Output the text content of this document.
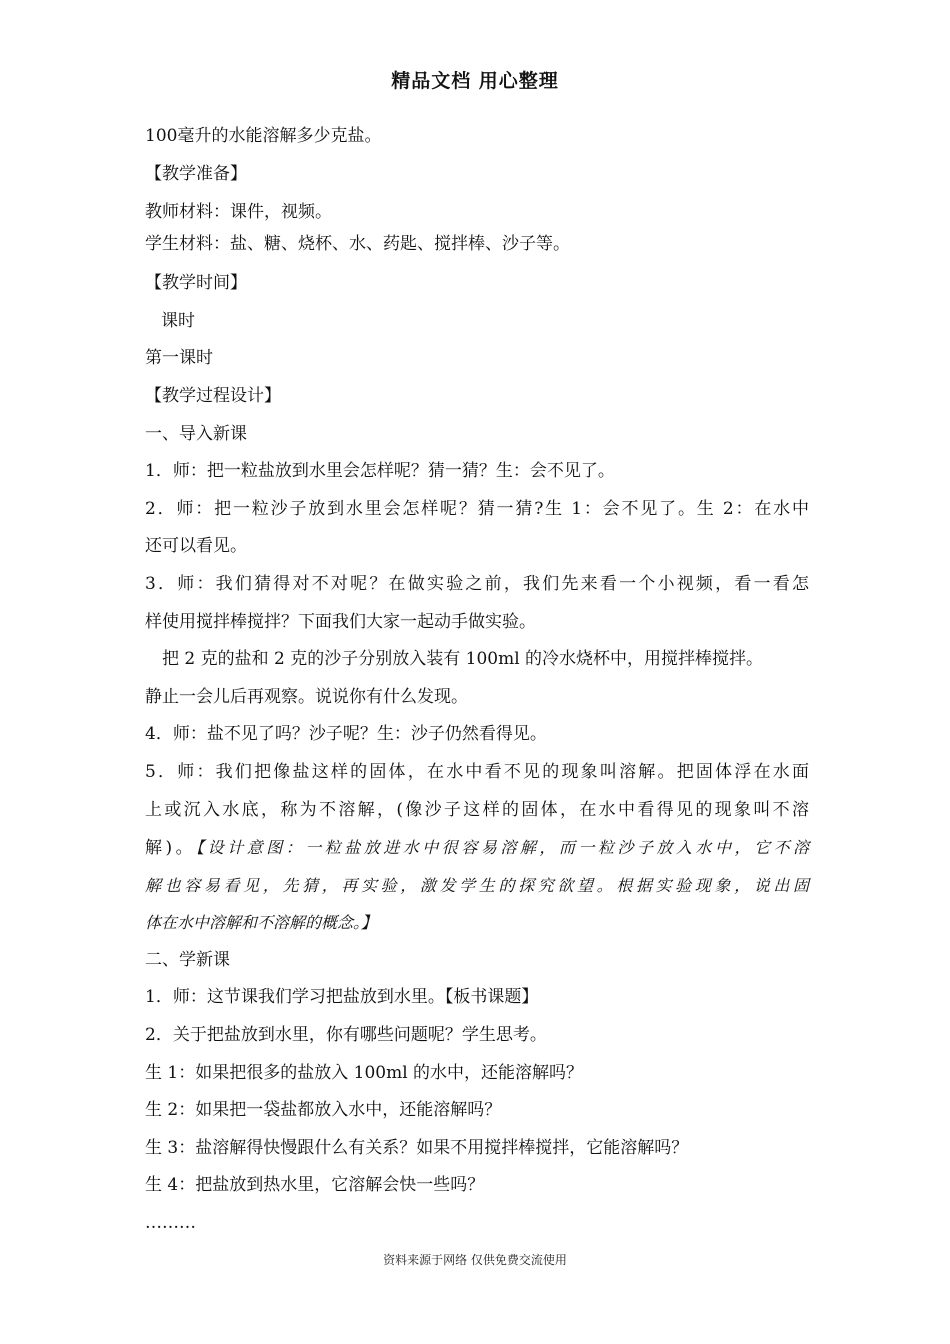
精品文档 用心整理
100毫升的水能溶解多少克盐。
【教学准备】
教师材料：课件，视频。
学生材料：盐、糖、烧杯、水、药匙、搅拌棒、沙子等。
【教学时间】
课时
第一课时
【教学过程设计】
一、导入新课
1．师：把一粒盐放到水里会怎样呢？猜一猜？生：会不见了。
2．师：把一粒沙子放到水里会怎样呢？猜一猜?生 1：会不见了。生 2：在水中
还可以看见。
3．师：我们猜得对不对呢？在做实验之前，我们先来看一个小视频，看一看怎
样使用搅拌棒搅拌？下面我们大家一起动手做实验。
把 2 克的盐和 2 克的沙子分别放入装有 100ml 的冷水烧杯中，用搅拌棒搅拌。
静止一会儿后再观察。说说你有什么发现。
4．师：盐不见了吗？沙子呢？生：沙子仍然看得见。
5．师：我们把像盐这样的固体，在水中看不见的现象叫溶解。把固体浮在水面
上或沉入水底，称为不溶解，(像沙子这样的固体，在水中看得见的现象叫不溶
解)。【设计意图：一粒盐放进水中很容易溶解，而一粒沙子放入水中，它不溶
解也容易看见，先猜，再实验，激发学生的探究欲望。根据实验现象，说出固
体在水中溶解和不溶解的概念。】
二、学新课
1．师：这节课我们学习把盐放到水里。【板书课题】
2．关于把盐放到水里，你有哪些问题呢？学生思考。
生 1：如果把很多的盐放入 100ml 的水中，还能溶解吗？
生 2：如果把一袋盐都放入水中，还能溶解吗？
生 3：盐溶解得快慢跟什么有关系？如果不用搅拌棒搅拌，它能溶解吗？
生 4：把盐放到热水里，它溶解会快一些吗？
………
资料来源于网络 仅供免费交流使用
